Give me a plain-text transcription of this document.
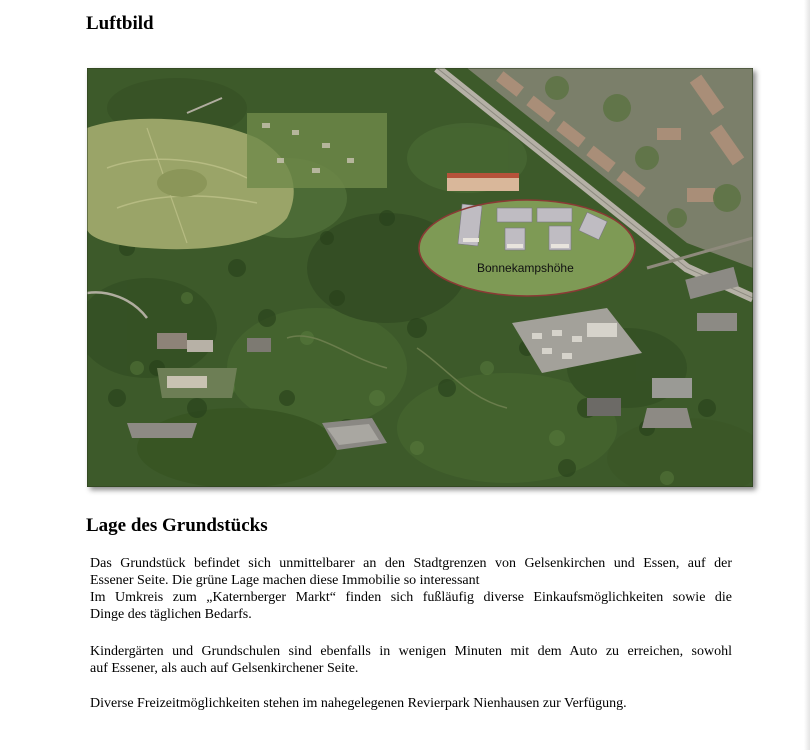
Luftbild
Bonnekampshöhe
Lage des Grundstücks

Das Grundstück befindet sich unmittelbarer an den Stadtgrenzen von Gelsenkirchen und Essen, auf der
Essener Seite. Die grüne Lage machen diese Immobilie so interessant
Im Umkreis zum „Katernberger Markt“ finden sich fußläufig diverse Einkaufsmöglichkeiten sowie die
Dinge des täglichen Bedarfs.

Kindergärten und Grundschulen sind ebenfalls in wenigen Minuten mit dem Auto zu erreichen, sowohl
auf Essener, als auch auf Gelsenkirchener Seite.

Diverse Freizeitmöglichkeiten stehen im nahegelegenen Revierpark Nienhausen zur Verfügung.
